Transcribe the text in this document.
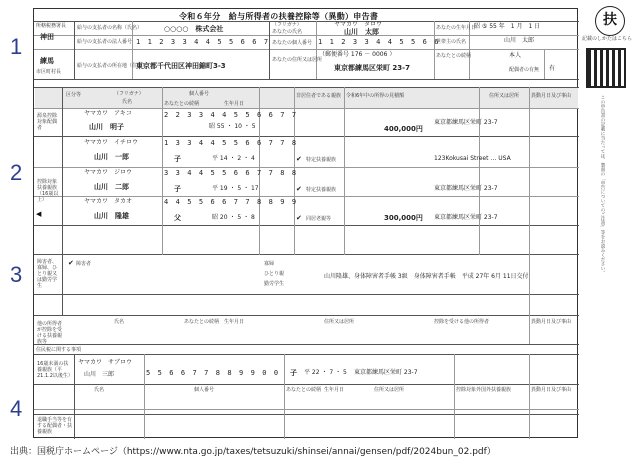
1
2
3
4
扶
記載のしかたはこちら
この申告書の記載に当たっては、裏面の「申告についてのご注意」等をお読みください。
令和６年分　給与所得者の扶養控除等（異動）申告書
所轄税務署長
神田
市区町村長
練馬
給与の支払者の名称（氏名）	○○○○　株式会社
給与の支払者の法人番号 1 1 2 3 3 4 4 5 5 6 6 7
給与の支払者の所在地（住所）
東京都千代田区神田錦町3-3
（フリガナ）	ヤマカワ　タロウ
あなたの氏名	山川　太郎
あなたの個人番号 1 1 2 3 3 4 4 5 5 6 6
あなたの生年月日
昭 ⑤ 55 年　1 月　1 日
世帯主の氏名	山川　太郎
あなたとの続柄	本人
あなたの住所又は居所
（郵便番号 176 － 0006 ）
東京都練馬区栄町 23-7	配偶者の有無 有
区分等	（フリガナ）
氏名
個人番号
あなたとの続柄	生年月日
非居住者である親族 令和6年中の所得の見積額	住所又は居所 異動月日及び事由
源泉控除対象配偶者
ヤマカワ　アキコ
山川　明子
2 2 3 3 4 4 5 5 6 6 7 7
昭 55 ・ 10 ・ 5	400,000円
東京都練馬区栄町 23-7
控除対象扶養親族（16歳以上）
ヤマカワ　イチロウ
山川　一郎
1 3 3 4 4 5 5 6 6 7 7 8
子	平 14 ・ 2 ・ 4	✔ 特定扶養親族	123Kokusai Street … USA
ヤマカワ　ジロウ
山川　二郎
3 3 4 4 5 5 6 6 7 7 8 8
子	平 19 ・ 5 ・ 17	✔ 特定扶養親族	東京都練馬区栄町 23-7
ヤマカワ　タカオ
山川　隆雄
4 4 5 5 6 6 7 7 8 8 9 9
父	昭 20 ・ 5 ・ 8	✔ 同居老親等	300,000円 東京都練馬区栄町 23-7
障害者、寡婦、ひとり親又は勤労学生
✔ 障害者	寡婦
ひとり親
勤労学生
山川隆雄、身体障害者手帳 3級　身体障害者手帳　平成 27年 6月 11日交付
他の所得者が控除を受ける扶養親族等
氏名	あなたとの続柄 生年月日	住所又は居所	控除を受ける他の所得者	異動月日及び事由
住民税に関する事項
16歳未満の扶養親族（平21.1.2以後生）
ヤマカワ　サブロウ
山川　三郎	5 5 6 6 7 7 8 8 9 9 0 0 子 平 22 ・ 7 ・ 5 東京都練馬区栄町 23-7
退職手当等を有する配偶者・扶養親族
氏名	個人番号	あなたとの続柄 生年月日	住所又は居所	控除対象外国外扶養親族	異動月日及び事由
◀
出典：国税庁ホームページ（https://www.nta.go.jp/taxes/tetsuzuki/shinsei/annai/gensen/pdf/2024bun_02.pdf）
